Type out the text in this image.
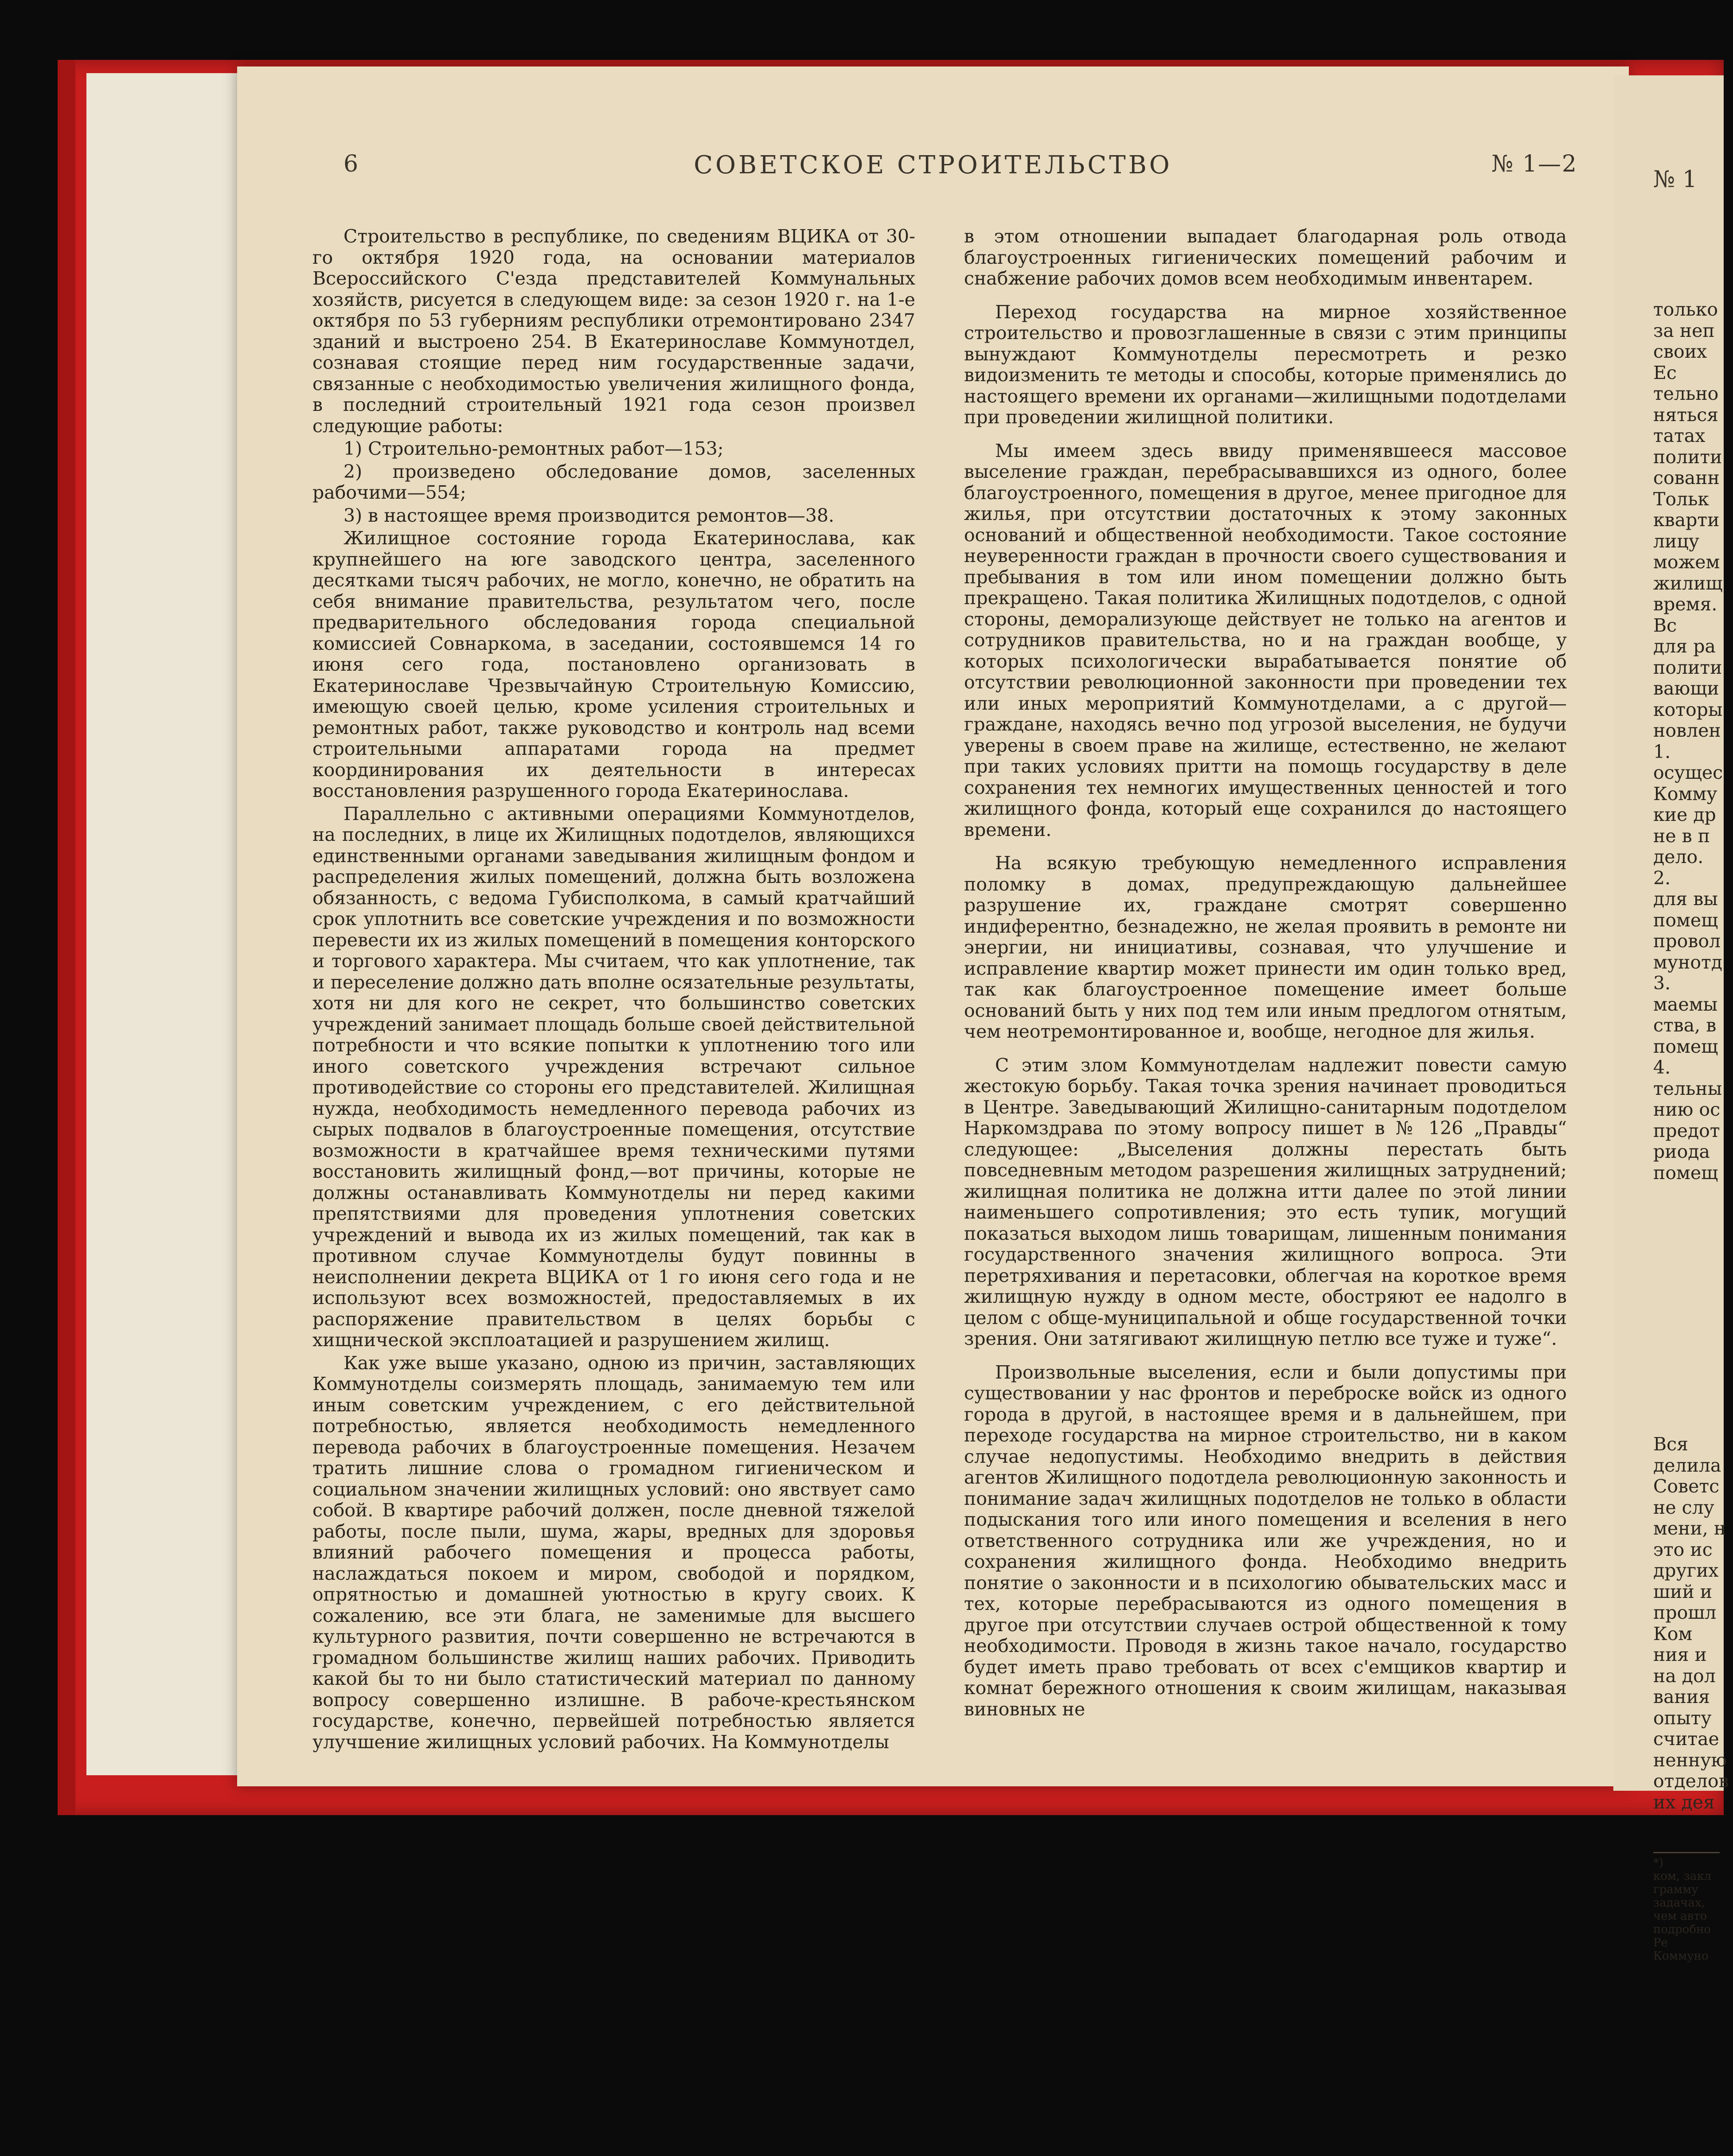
6	СОВЕТСКОЕ СТРОИТЕЛЬСТВО	№ 1—2

Строительство в республике, по сведениям ВЦИКА от 30-го октября 1920 года, на основании материалов Всероссийского С'езда представителей Коммунальных хозяйств, рисуется в следующем виде: за сезон 1920 г. на 1-е октября по 53 губерниям республики отремонтировано 2347 зданий и выстроено 254. В Екатеринославе Коммунотдел, сознавая стоящие перед ним государственные задачи, связанные с необходимостью увеличения жилищного фонда, в последний строительный 1921 года сезон произвел следующие работы:

1) Строительно-ремонтных работ—153;

2) произведено обследование домов, заселенных рабочими—554;

3) в настоящее время производится ремонтов—38.

Жилищное состояние города Екатеринослава, как крупнейшего на юге заводского центра, заселенного десятками тысяч рабочих, не могло, конечно, не обратить на себя внимание правительства, результатом чего, после предварительного обследования города специальной комиссией Совнаркома, в заседании, состоявшемся 14 го июня сего года, постановлено организовать в Екатеринославе Чрезвычайную Строительную Комиссию, имеющую своей целью, кроме усиления строительных и ремонтных работ, также руководство и контроль над всеми строительными аппаратами города на предмет координирования их деятельности в интересах восстановления разрушенного города Екатеринослава.

Параллельно с активными операциями Коммунотделов, на последних, в лице их Жилищных подотделов, являющихся единственными органами заведывания жилищным фондом и распределения жилых помещений, должна быть возложена обязанность, с ведома Губисполкома, в самый кратчайший срок уплотнить все советские учреждения и по возможности перевести их из жилых помещений в помещения конторского и торгового характера. Мы считаем, что как уплотнение, так и переселение должно дать вполне осязательные результаты, хотя ни для кого не секрет, что большинство советских учреждений занимает площадь больше своей действительной потребности и что всякие попытки к уплотнению того или иного советского учреждения встречают сильное противодействие со стороны его представителей. Жилищная нужда, необходимость немедленного перевода рабочих из сырых подвалов в благоустроенные помещения, отсутствие возможности в кратчайшее время техническими путями восстановить жилищный фонд,—вот причины, которые не должны останавливать Коммунотделы ни перед какими препятствиями для проведения уплотнения советских учреждений и вывода их из жилых помещений, так как в противном случае Коммунотделы будут повинны в неисполнении декрета ВЦИКА от 1 го июня сего года и не используют всех возможностей, предоставляемых в их распоряжение правительством в целях борьбы с хищнической эксплоатацией и разрушением жилищ.

Как уже выше указано, одною из причин, заставляющих Коммунотделы соизмерять площадь, занимаемую тем или иным советским учреждением, с его действительной потребностью, является необходимость немедленного перевода рабочих в благоустроенные помещения. Незачем тратить лишние слова о громадном гигиеническом и социальном значении жилищных условий: оно явствует само собой. В квартире рабочий должен, после дневной тяжелой работы, после пыли, шума, жары, вредных для здоровья влияний рабочего помещения и процесса работы, наслаждаться покоем и миром, свободой и порядком, опрятностью и домашней уютностью в кругу своих. К сожалению, все эти блага, не заменимые для высшего культурного развития, почти совершенно не встречаются в громадном большинстве жилищ наших рабочих. Приводить какой бы то ни было статистический материал по данному вопросу совершенно излишне. В рабоче-крестьянском государстве, конечно, первейшей потребностью является улучшение жилищных условий рабочих. На Коммунотделы

в этом отношении выпадает благодарная роль отвода благоустроенных гигиенических помещений рабочим и снабжение рабочих домов всем необходимым инвентарем.

Переход государства на мирное хозяйственное строительство и провозглашенные в связи с этим принципы вынуждают Коммунотделы пересмотреть и резко видоизменить те методы и способы, которые применялись до настоящего времени их органами—жилищными подотделами при проведении жилищной политики.

Мы имеем здесь ввиду применявшееся массовое выселение граждан, перебрасывавшихся из одного, более благоустроенного, помещения в другое, менее пригодное для жилья, при отсутствии достаточных к этому законных оснований и общественной необходимости. Такое состояние неуверенности граждан в прочности своего существования и пребывания в том или ином помещении должно быть прекращено. Такая политика Жилищных подотделов, с одной стороны, деморализующе действует не только на агентов и сотрудников правительства, но и на граждан вообще, у которых психологически вырабатывается понятие об отсутствии революционной законности при проведении тех или иных мероприятий Коммунотделами, а с другой—граждане, находясь вечно под угрозой выселения, не будучи уверены в своем праве на жилище, естественно, не желают при таких условиях притти на помощь государству в деле сохранения тех немногих имущественных ценностей и того жилищного фонда, который еще сохранился до настоящего времени.

На всякую требующую немедленного исправления поломку в домах, предупреждающую дальнейшее разрушение их, граждане смотрят совершенно индиферентно, безнадежно, не желая проявить в ремонте ни энергии, ни инициативы, сознавая, что улучшение и исправление квартир может принести им один только вред, так как благоустроенное помещение имеет больше оснований быть у них под тем или иным предлогом отнятым, чем неотремонтированное и, вообще, негодное для жилья.

С этим злом Коммунотделам надлежит повести самую жестокую борьбу. Такая точка зрения начинает проводиться в Центре. Заведывающий Жилищно-санитарным подотделом Наркомздрава по этому вопросу пишет в № 126 „Правды“ следующее: „Выселения должны перестать быть повседневным методом разрешения жилищных затруднений; жилищная политика не должна итти далее по этой линии наименьшего сопротивления; это есть тупик, могущий показаться выходом лишь товарищам, лишенным понимания государственного значения жилищного вопроса. Эти перетряхивания и перетасовки, облегчая на короткое время жилищную нужду в одном месте, обостряют ее надолго в целом с обще-муниципальной и обще государственной точки зрения. Они затягивают жилищную петлю все туже и туже“.

Произвольные выселения, если и были допустимы при существовании у нас фронтов и переброске войск из одного города в другой, в настоящее время и в дальнейшем, при переходе государства на мирное строительство, ни в каком случае недопустимы. Необходимо внедрить в действия агентов Жилищного подотдела революционную законность и понимание задач жилищных подотделов не только в области подыскания того или иного помещения и вселения в него ответственного сотрудника или же учреждения, но и сохранения жилищного фонда. Необходимо внедрить понятие о законности и в психологию обывательских масс и тех, которые перебрасываются из одного помещения в другое при отсутствии случаев острой общественной к тому необходимости. Проводя в жизнь такое начало, государство будет иметь право требовать от всех с'емщиков квартир и комнат бережного отношения к своим жилищам, наказывая виновных не

№ 1
только
за неп
своих
Ес
тельно
няться
татах
полити
сованн
Тольк
кварти
лицу
можем
жилищ
время.
Вс
для ра
полити
вающи
которы
новлен
1.
осущес
Комму
кие др
не в п
дело.
2.
для вы
помещ
провол
мунотд
3.
маемы
ства, в
помещ
4.
тельны
нию ос
предот
риода
помещ
Вся
делила
Советс
не слу
мени, н
это ис
других
ший и
прошл
Ком
ния и
на дол
вания
опыту
считае
ненную
отделов
их дея
*)
ком, закл
грамму
задачах,
чем авто
подробно
Ре
Коммуно
